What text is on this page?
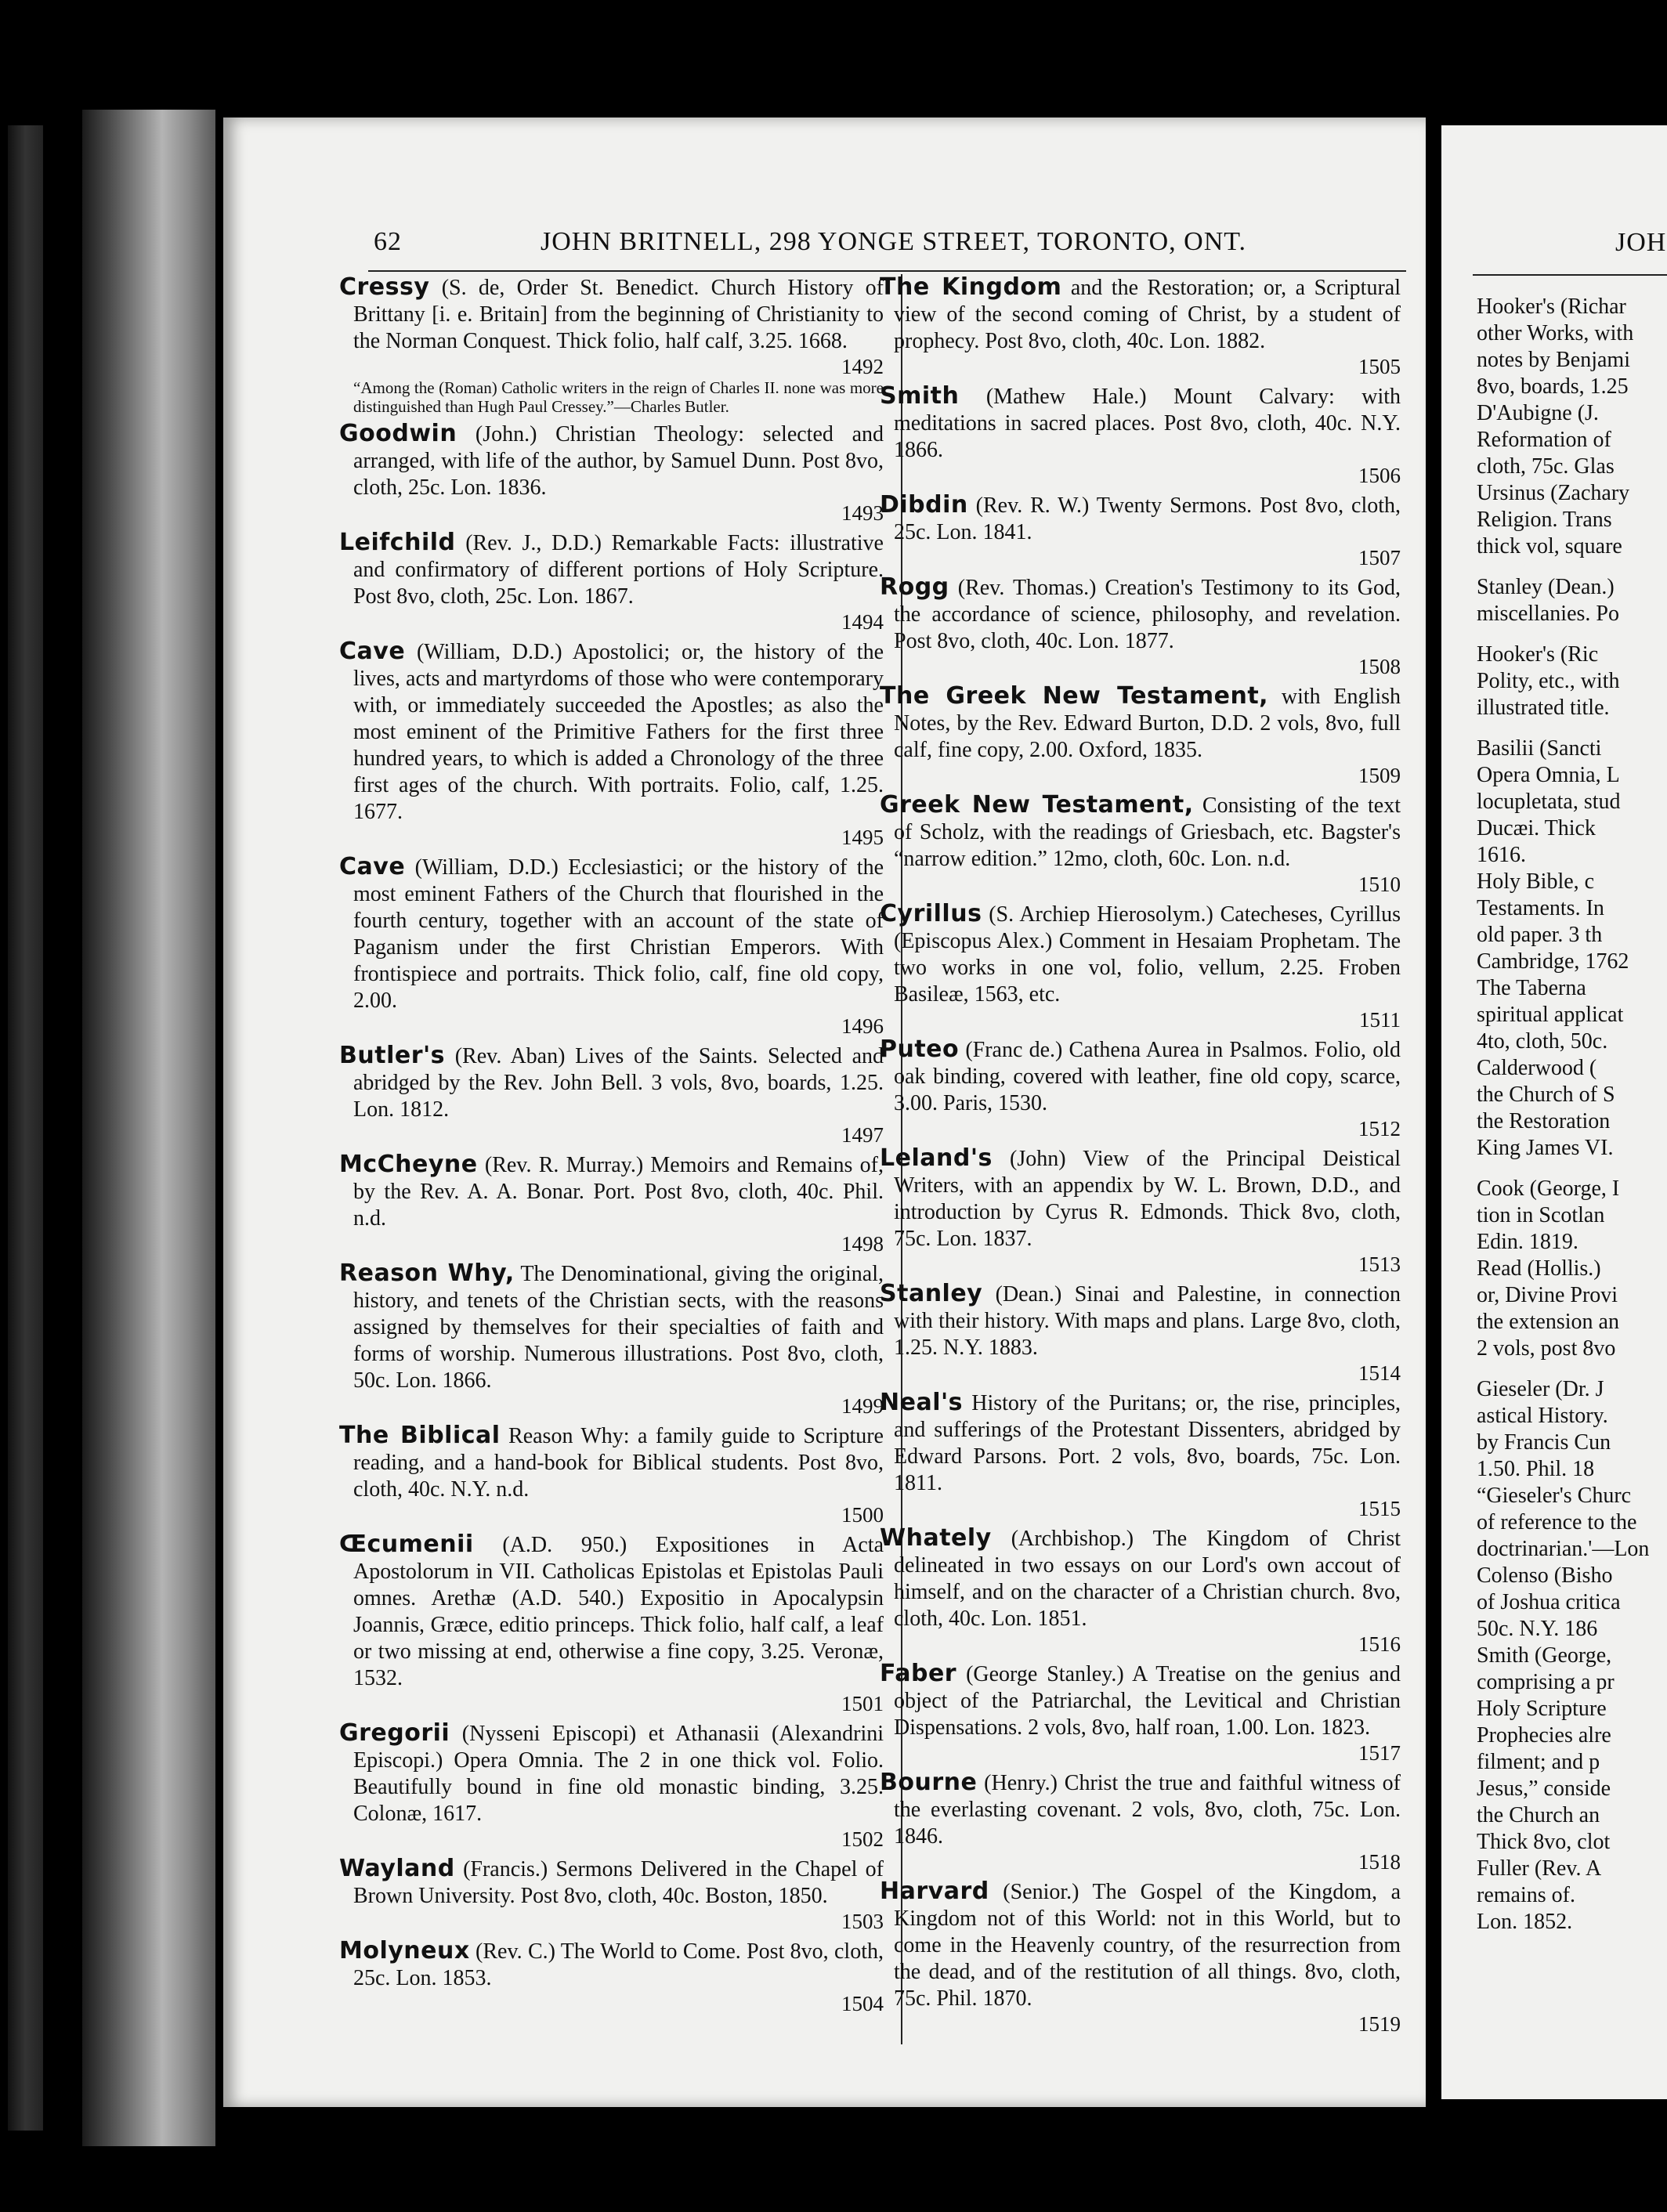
62	JOHN BRITNELL, 298 YONGE STREET, TORONTO, ONT.
Cressy (S. de, Order St. Benedict. Church History of Brittany [i. e. Britain] from the beginning of Christianity to the Norman Conquest. Thick folio, half calf, 3.25. 1668.
1492
“Among the (Roman) Catholic writers in the reign of Charles II. none was more distinguished than Hugh Paul Cressey.”—Charles Butler.
Goodwin (John.) Christian Theology: selected and arranged, with life of the author, by Samuel Dunn. Post 8vo, cloth, 25c. Lon. 1836.
1493
Leifchild (Rev. J., D.D.) Remarkable Facts: illustrative and confirmatory of different portions of Holy Scripture. Post 8vo, cloth, 25c. Lon. 1867.
1494
Cave (William, D.D.) Apostolici; or, the history of the lives, acts and martyrdoms of those who were contemporary with, or immediately succeeded the Apostles; as also the most eminent of the Primitive Fathers for the first three hundred years, to which is added a Chronology of the three first ages of the church. With portraits. Folio, calf, 1.25. 1677.
1495
Cave (William, D.D.) Ecclesiastici; or the history of the most eminent Fathers of the Church that flourished in the fourth century, together with an account of the state of Paganism under the first Christian Emperors. With frontispiece and portraits. Thick folio, calf, fine old copy, 2.00.
1496
Butler's (Rev. Aban) Lives of the Saints. Selected and abridged by the Rev. John Bell. 3 vols, 8vo, boards, 1.25. Lon. 1812.
1497
McCheyne (Rev. R. Murray.) Memoirs and Remains of, by the Rev. A. A. Bonar. Port. Post 8vo, cloth, 40c. Phil. n.d.
1498
Reason Why, The Denominational, giving the original, history, and tenets of the Christian sects, with the reasons assigned by themselves for their specialties of faith and forms of worship. Numerous illustrations. Post 8vo, cloth, 50c. Lon. 1866.
1499
The Biblical Reason Why: a family guide to Scripture reading, and a hand-book for Biblical students. Post 8vo, cloth, 40c. N.Y. n.d.
1500
Œcumenii (A.D. 950.) Expositiones in Acta Apostolorum in VII. Catholicas Epistolas et Epistolas Pauli omnes. Arethæ (A.D. 540.) Expositio in Apocalypsin Joannis, Græce, editio princeps. Thick folio, half calf, a leaf or two missing at end, otherwise a fine copy, 3.25. Veronæ, 1532.
1501
Gregorii (Nysseni Episcopi) et Athanasii (Alexandrini Episcopi.) Opera Omnia. The 2 in one thick vol. Folio. Beautifully bound in fine old monastic binding, 3.25. Colonæ, 1617.
1502
Wayland (Francis.) Sermons Delivered in the Chapel of Brown University. Post 8vo, cloth, 40c. Boston, 1850.
1503
Molyneux (Rev. C.) The World to Come. Post 8vo, cloth, 25c. Lon. 1853.
1504
The Kingdom and the Restoration; or, a Scriptural view of the second coming of Christ, by a student of prophecy. Post 8vo, cloth, 40c. Lon. 1882.
1505
Smith (Mathew Hale.) Mount Calvary: with meditations in sacred places. Post 8vo, cloth, 40c. N.Y. 1866.
1506
Dibdin (Rev. R. W.) Twenty Sermons. Post 8vo, cloth, 25c. Lon. 1841.
1507
Rogg (Rev. Thomas.) Creation's Testimony to its God, the accordance of science, philosophy, and revelation. Post 8vo, cloth, 40c. Lon. 1877.
1508
The Greek New Testament, with English Notes, by the Rev. Edward Burton, D.D. 2 vols, 8vo, full calf, fine copy, 2.00. Oxford, 1835.
1509
Greek New Testament, Consisting of the text of Scholz, with the readings of Griesbach, etc. Bagster's “narrow edition.” 12mo, cloth, 60c. Lon. n.d.
1510
Cyrillus (S. Archiep Hierosolym.) Catecheses, Cyrillus (Episcopus Alex.) Comment in Hesaiam Prophetam. The two works in one vol, folio, vellum, 2.25. Froben Basileæ, 1563, etc.
1511
Puteo (Franc de.) Cathena Aurea in Psalmos. Folio, old oak binding, covered with leather, fine old copy, scarce, 3.00. Paris, 1530.
1512
Leland's (John) View of the Principal Deistical Writers, with an appendix by W. L. Brown, D.D., and introduction by Cyrus R. Edmonds. Thick 8vo, cloth, 75c. Lon. 1837.
1513
Stanley (Dean.) Sinai and Palestine, in connection with their history. With maps and plans. Large 8vo, cloth, 1.25. N.Y. 1883.
1514
Neal's History of the Puritans; or, the rise, principles, and sufferings of the Protestant Dissenters, abridged by Edward Parsons. Port. 2 vols, 8vo, boards, 75c. Lon. 1811.
1515
Whately (Archbishop.) The Kingdom of Christ delineated in two essays on our Lord's own accout of himself, and on the character of a Christian church. 8vo, cloth, 40c. Lon. 1851.
1516
Faber (George Stanley.) A Treatise on the genius and object of the Patriarchal, the Levitical and Christian Dispensations. 2 vols, 8vo, half roan, 1.00. Lon. 1823.
1517
Bourne (Henry.) Christ the true and faithful witness of the everlasting covenant. 2 vols, 8vo, cloth, 75c. Lon. 1846.
1518
Harvard (Senior.) The Gospel of the Kingdom, a Kingdom not of this World: not in this World, but to come in the Heavenly country, of the resurrection from the dead, and of the restitution of all things. 8vo, cloth, 75c. Phil. 1870.
1519
JOH
Hooker's (Richar
other Works, with
notes by Benjami
8vo, boards, 1.25
D'Aubigne (J.
Reformation of
cloth, 75c. Glas
Ursinus (Zachary
Religion. Trans
thick vol, square
Stanley (Dean.)
miscellanies. Po
Hooker's (Ric
Polity, etc., with
illustrated title.
Basilii (Sancti
Opera Omnia, L
locupletata, stud
Ducæi. Thick
1616.
Holy Bible, c
Testaments. In
old paper. 3 th
Cambridge, 1762
The Taberna
spiritual applicat
4to, cloth, 50c.
Calderwood (
the Church of S
the Restoration
King James VI.
Cook (George, I
tion in Scotlan
Edin. 1819.
Read (Hollis.)
or, Divine Provi
the extension an
2 vols, post 8vo
Gieseler (Dr. J
astical History.
by Francis Cun
1.50. Phil. 18
“Gieseler's Churc
of reference to the
doctrinarian.'—Lon
Colenso (Bisho
of Joshua critica
50c. N.Y. 186
Smith (George,
comprising a pr
Holy Scripture
Prophecies alre
filment; and p
Jesus,” conside
the Church an
Thick 8vo, clot
Fuller (Rev. A
remains of.
Lon. 1852.
